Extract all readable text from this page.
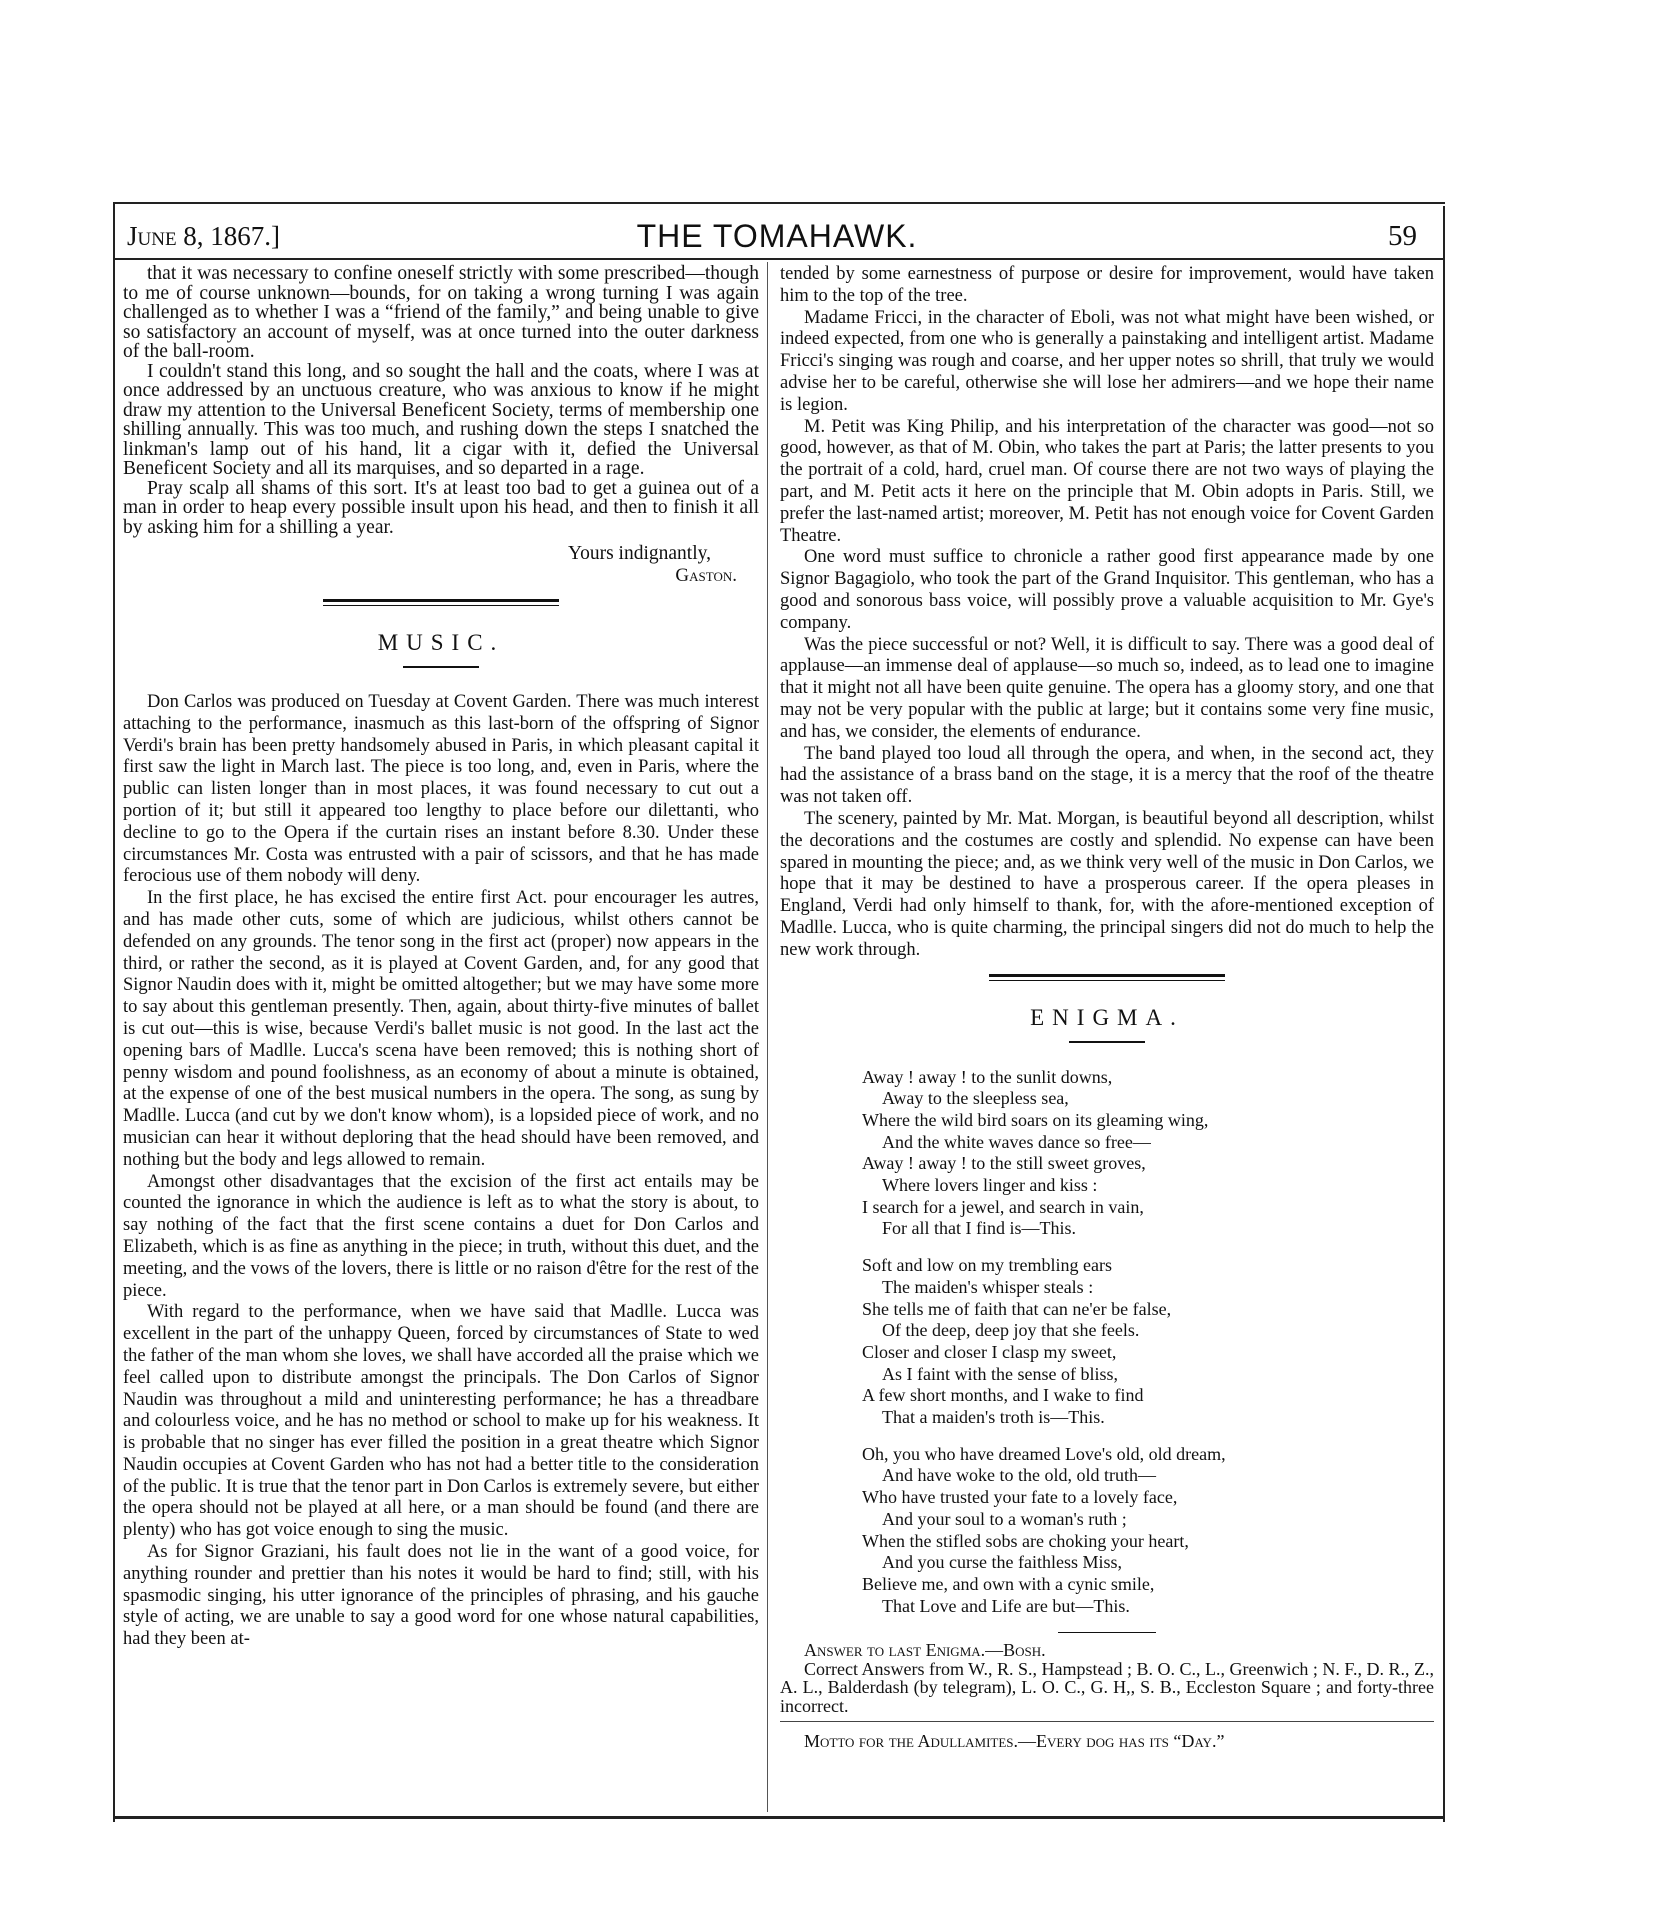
June 8, 1867.]	THE TOMAHAWK.	59

that it was necessary to confine oneself strictly with some prescribed—though to me of course unknown—bounds, for on taking a wrong turning I was again challenged as to whether I was a “friend of the family,” and being unable to give so satisfactory an account of myself, was at once turned into the outer darkness of the ball-room.

I couldn't stand this long, and so sought the hall and the coats, where I was at once addressed by an unctuous creature, who was anxious to know if he might draw my attention to the Universal Beneficent Society, terms of membership one shilling annually. This was too much, and rushing down the steps I snatched the linkman's lamp out of his hand, lit a cigar with it, defied the Universal Beneficent Society and all its marquises, and so departed in a rage.

Pray scalp all shams of this sort. It's at least too bad to get a guinea out of a man in order to heap every possible insult upon his head, and then to finish it all by asking him for a shilling a year.

Yours indignantly,
Gaston.
MUSIC.

Don Carlos was produced on Tuesday at Covent Garden. There was much interest attaching to the performance, inasmuch as this last-born of the offspring of Signor Verdi's brain has been pretty handsomely abused in Paris, in which pleasant capital it first saw the light in March last. The piece is too long, and, even in Paris, where the public can listen longer than in most places, it was found necessary to cut out a portion of it; but still it appeared too lengthy to place before our dilettanti, who decline to go to the Opera if the curtain rises an instant before 8.30. Under these circumstances Mr. Costa was entrusted with a pair of scissors, and that he has made ferocious use of them nobody will deny.

In the first place, he has excised the entire first Act. pour encourager les autres, and has made other cuts, some of which are judicious, whilst others cannot be defended on any grounds. The tenor song in the first act (proper) now appears in the third, or rather the second, as it is played at Covent Garden, and, for any good that Signor Naudin does with it, might be omitted altogether; but we may have some more to say about this gentleman presently. Then, again, about thirty-five minutes of ballet is cut out—this is wise, because Verdi's ballet music is not good. In the last act the opening bars of Madlle. Lucca's scena have been removed; this is nothing short of penny wisdom and pound foolishness, as an economy of about a minute is obtained, at the expense of one of the best musical numbers in the opera. The song, as sung by Madlle. Lucca (and cut by we don't know whom), is a lopsided piece of work, and no musician can hear it without deploring that the head should have been removed, and nothing but the body and legs allowed to remain.

Amongst other disadvantages that the excision of the first act entails may be counted the ignorance in which the audience is left as to what the story is about, to say nothing of the fact that the first scene contains a duet for Don Carlos and Elizabeth, which is as fine as anything in the piece; in truth, without this duet, and the meeting, and the vows of the lovers, there is little or no raison d'être for the rest of the piece.

With regard to the performance, when we have said that Madlle. Lucca was excellent in the part of the unhappy Queen, forced by circumstances of State to wed the father of the man whom she loves, we shall have accorded all the praise which we feel called upon to distribute amongst the principals. The Don Carlos of Signor Naudin was throughout a mild and uninteresting performance; he has a threadbare and colourless voice, and he has no method or school to make up for his weakness. It is probable that no singer has ever filled the position in a great theatre which Signor Naudin occupies at Covent Garden who has not had a better title to the consideration of the public. It is true that the tenor part in Don Carlos is extremely severe, but either the opera should not be played at all here, or a man should be found (and there are plenty) who has got voice enough to sing the music.

As for Signor Graziani, his fault does not lie in the want of a good voice, for anything rounder and prettier than his notes it would be hard to find; still, with his spasmodic singing, his utter ignorance of the principles of phrasing, and his gauche style of acting, we are unable to say a good word for one whose natural capabilities, had they been at-

tended by some earnestness of purpose or desire for improvement, would have taken him to the top of the tree.

Madame Fricci, in the character of Eboli, was not what might have been wished, or indeed expected, from one who is generally a painstaking and intelligent artist. Madame Fricci's singing was rough and coarse, and her upper notes so shrill, that truly we would advise her to be careful, otherwise she will lose her admirers—and we hope their name is legion.

M. Petit was King Philip, and his interpretation of the character was good—not so good, however, as that of M. Obin, who takes the part at Paris; the latter presents to you the portrait of a cold, hard, cruel man. Of course there are not two ways of playing the part, and M. Petit acts it here on the principle that M. Obin adopts in Paris. Still, we prefer the last-named artist; moreover, M. Petit has not enough voice for Covent Garden Theatre.

One word must suffice to chronicle a rather good first appearance made by one Signor Bagagiolo, who took the part of the Grand Inquisitor. This gentleman, who has a good and sonorous bass voice, will possibly prove a valuable acquisition to Mr. Gye's company.

Was the piece successful or not? Well, it is difficult to say. There was a good deal of applause—an immense deal of applause—so much so, indeed, as to lead one to imagine that it might not all have been quite genuine. The opera has a gloomy story, and one that may not be very popular with the public at large; but it contains some very fine music, and has, we consider, the elements of endurance.

The band played too loud all through the opera, and when, in the second act, they had the assistance of a brass band on the stage, it is a mercy that the roof of the theatre was not taken off.

The scenery, painted by Mr. Mat. Morgan, is beautiful beyond all description, whilst the decorations and the costumes are costly and splendid. No expense can have been spared in mounting the piece; and, as we think very well of the music in Don Carlos, we hope that it may be destined to have a prosperous career. If the opera pleases in England, Verdi had only himself to thank, for, with the afore-mentioned exception of Madlle. Lucca, who is quite charming, the principal singers did not do much to help the new work through.

ENIGMA.
Away ! away ! to the sunlit downs,
Away to the sleepless sea,
Where the wild bird soars on its gleaming wing,
And the white waves dance so free—
Away ! away ! to the still sweet groves,
Where lovers linger and kiss :
I search for a jewel, and search in vain,
For all that I find is—This.
Soft and low on my trembling ears
The maiden's whisper steals :
She tells me of faith that can ne'er be false,
Of the deep, deep joy that she feels.
Closer and closer I clasp my sweet,
As I faint with the sense of bliss,
A few short months, and I wake to find
That a maiden's troth is—This.
Oh, you who have dreamed Love's old, old dream,
And have woke to the old, old truth—
Who have trusted your fate to a lovely face,
And your soul to a woman's ruth ;
When the stifled sobs are choking your heart,
And you curse the faithless Miss,
Believe me, and own with a cynic smile,
That Love and Life are but—This.

Answer to last Enigma.—Bosh.

Correct Answers from W., R. S., Hampstead ; B. O. C., L., Greenwich ; N. F., D. R., Z., A. L., Balderdash (by telegram), L. O. C., G. H,, S. B., Eccleston Square ; and forty-three incorrect.

Motto for the Adullamites.—Every dog has its “Day.”
